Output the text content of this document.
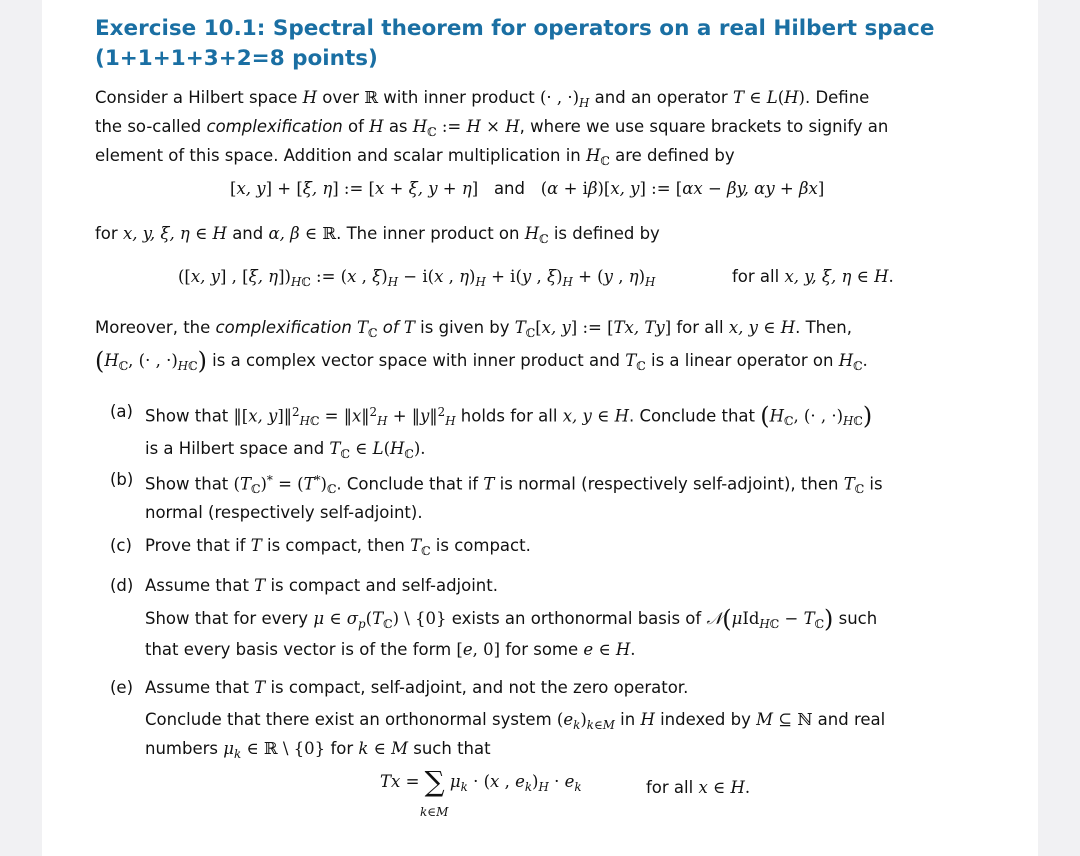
Exercise 10.1: Spectral theorem for operators on a real Hilbert space
(1+1+1+3+2=8 points)

Consider a Hilbert space H over ℝ with inner product (· , $\cdot)_H$ and an operator T ∈ L(H). Define
the so-called complexification of H as $H_ℂ$ := H × H, where we use square brackets to signify an
element of this space. Addition and scalar multiplication in $H_ℂ$ are defined by

[x, y] + [ξ, η] := [x + ξ, y + η] and (α + iβ)[x, y] := [αx − βy, αy + βx]

for x, y, ξ, η ∈ H and α, β ∈ ℝ. The inner product on $H_ℂ$ is defined by

([x, y] , [ξ, $\eta])_{Hℂ}$ := (x , $\xi)_H - i(x$ , $\eta)_H + i(y$ , $\xi)_H + (y$ , $\eta)_H$	for all x, y, ξ, η ∈ H.

Moreover, the complexification $T_ℂ$ of T is given by $T_ℂ[x$, y] := [Tx, Ty] for all x, y ∈ H. Then,
($H_ℂ$, (· , $\cdot)_{Hℂ}$) is a complex vector space with inner product and $T_ℂ$ is a linear operator on $H_ℂ$.

(a) Show that ‖[x, y]‖$^2_{Hℂ}$ = ‖x‖$^2_H$ + ‖y‖$^2_H$ holds for all x, y ∈ H. Conclude that ($H_ℂ$, (· , $\cdot)_{Hℂ}$)
is a Hilbert space and $T_ℂ$ ∈ $L(H_ℂ)$.
(b) Show that $(T_ℂ)^* = (T^*)_ℂ$. Conclude that if T is normal (respectively self-adjoint), then $T_ℂ$ is
normal (respectively self-adjoint).
(c) Prove that if T is compact, then $T_ℂ$ is compact.
(d) Assume that T is compact and self-adjoint.
Show that for every μ ∈ $\sigma_p(T_ℂ)$ \ {0} exists an orthonormal basis of 𝒩(μId$_{Hℂ}$ − $T_ℂ$) such
that every basis vector is of the form [e, 0] for some e ∈ H.
(e) Assume that T is compact, self-adjoint, and not the zero operator.
Conclude that there exist an orthonormal system $(e_k)_{k\in M}$ in H indexed by M ⊆ ℕ and real
numbers $\mu_k$ ∈ ℝ \ {0} for k ∈ M such that
Tx = ∑ $\mu_k \cdot (x$ , $e_k)_H \cdot e_k$
k∈M
for all x ∈ H.
